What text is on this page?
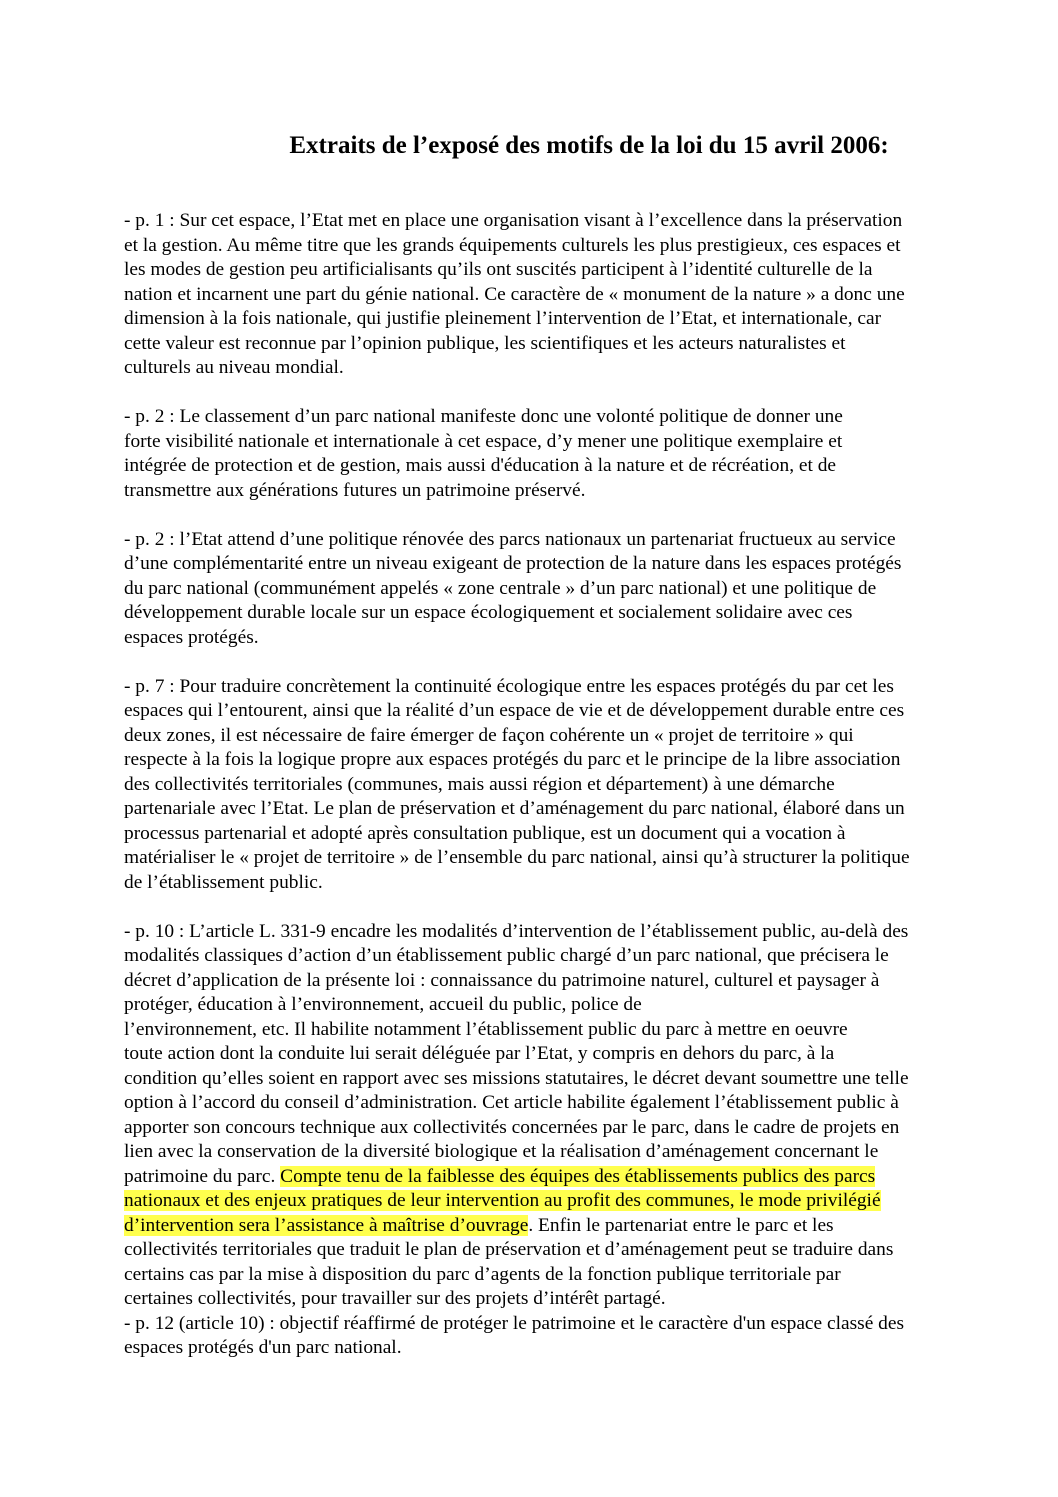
Extraits de l’exposé des motifs de la loi du 15 avril 2006:

- p. 1 : Sur cet espace, l’Etat met en place une organisation visant à l’excellence dans la préservation
et la gestion. Au même titre que les grands équipements culturels les plus prestigieux, ces espaces et
les modes de gestion peu artificialisants qu’ils ont suscités participent à l’identité culturelle de la
nation et incarnent une part du génie national. Ce caractère de « monument de la nature » a donc une
dimension à la fois nationale, qui justifie pleinement l’intervention de l’Etat, et internationale, car
cette valeur est reconnue par l’opinion publique, les scientifiques et les acteurs naturalistes et
culturels au niveau mondial.

- p. 2 : Le classement d’un parc national manifeste donc une volonté politique de donner une
forte visibilité nationale et internationale à cet espace, d’y mener une politique exemplaire et
intégrée de protection et de gestion, mais aussi d'éducation à la nature et de récréation, et de
transmettre aux générations futures un patrimoine préservé.

- p. 2 : l’Etat attend d’une politique rénovée des parcs nationaux un partenariat fructueux au service
d’une complémentarité entre un niveau exigeant de protection de la nature dans les espaces protégés
du parc national (communément appelés « zone centrale » d’un parc national) et une politique de
développement durable locale sur un espace écologiquement et socialement solidaire avec ces
espaces protégés.

- p. 7 : Pour traduire concrètement la continuité écologique entre les espaces protégés du par cet les
espaces qui l’entourent, ainsi que la réalité d’un espace de vie et de développement durable entre ces
deux zones, il est nécessaire de faire émerger de façon cohérente un « projet de territoire » qui
respecte à la fois la logique propre aux espaces protégés du parc et le principe de la libre association
des collectivités territoriales (communes, mais aussi région et département) à une démarche
partenariale avec l’Etat. Le plan de préservation et d’aménagement du parc national, élaboré dans un
processus partenarial et adopté après consultation publique, est un document qui a vocation à
matérialiser le « projet de territoire » de l’ensemble du parc national, ainsi qu’à structurer la politique
de l’établissement public.

- p. 10 : L’article L. 331-9 encadre les modalités d’intervention de l’établissement public, au-delà des
modalités classiques d’action d’un établissement public chargé d’un parc national, que précisera le
décret d’application de la présente loi : connaissance du patrimoine naturel, culturel et paysager à
protéger, éducation à l’environnement, accueil du public, police de
l’environnement, etc. Il habilite notamment l’établissement public du parc à mettre en oeuvre
toute action dont la conduite lui serait déléguée par l’Etat, y compris en dehors du parc, à la
condition qu’elles soient en rapport avec ses missions statutaires, le décret devant soumettre une telle
option à l’accord du conseil d’administration. Cet article habilite également l’établissement public à
apporter son concours technique aux collectivités concernées par le parc, dans le cadre de projets en
lien avec la conservation de la diversité biologique et la réalisation d’aménagement concernant le
patrimoine du parc. Compte tenu de la faiblesse des équipes des établissements publics des parcs
nationaux et des enjeux pratiques de leur intervention au profit des communes, le mode privilégié
d’intervention sera l’assistance à maîtrise d’ouvrage. Enfin le partenariat entre le parc et les
collectivités territoriales que traduit le plan de préservation et d’aménagement peut se traduire dans
certains cas par la mise à disposition du parc d’agents de la fonction publique territoriale par
certaines collectivités, pour travailler sur des projets d’intérêt partagé.

- p. 12 (article 10) : objectif réaffirmé de protéger le patrimoine et le caractère d'un espace classé des
espaces protégés d'un parc national.
